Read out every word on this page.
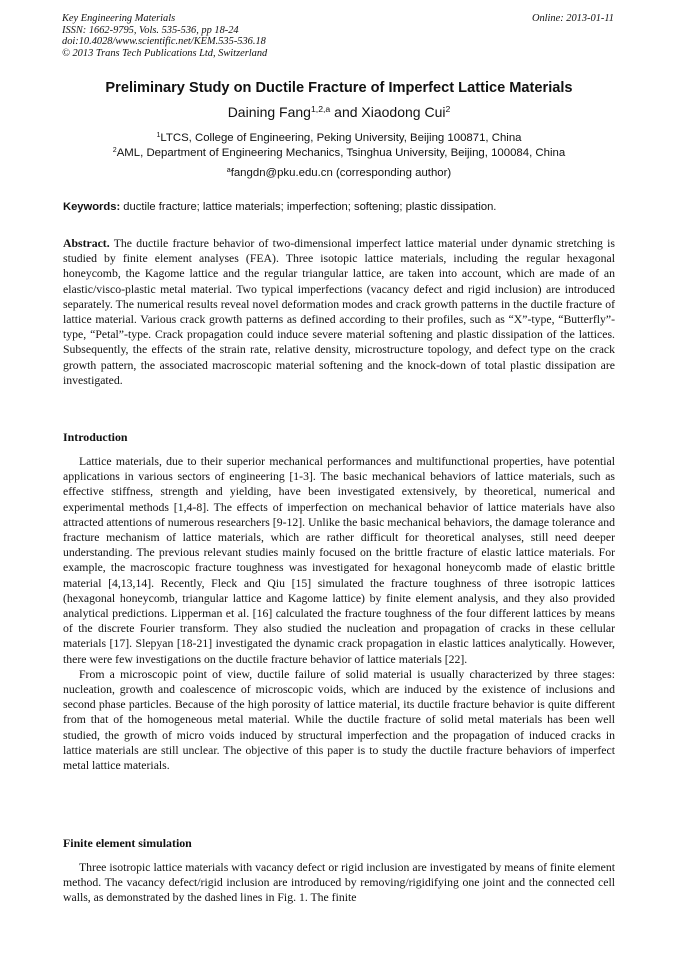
Key Engineering Materials
ISSN: 1662-9795, Vols. 535-536, pp 18-24
doi:10.4028/www.scientific.net/KEM.535-536.18
© 2013 Trans Tech Publications Ltd, Switzerland
Online: 2013-01-11
Preliminary Study on Ductile Fracture of Imperfect Lattice Materials
Daining Fang$^{1,2,a}$ and Xiaodong Cui$^2$
$^1$LTCS, College of Engineering, Peking University, Beijing 100871, China
$^2$AML, Department of Engineering Mechanics, Tsinghua University, Beijing, 100084, China
$^a$fangdn@pku.edu.cn (corresponding author)
Keywords: ductile fracture; lattice materials; imperfection; softening; plastic dissipation.

Abstract. The ductile fracture behavior of two-dimensional imperfect lattice material under dynamic stretching is studied by finite element analyses (FEA). Three isotopic lattice materials, including the regular hexagonal honeycomb, the Kagome lattice and the regular triangular lattice, are taken into account, which are made of an elastic/visco-plastic metal material. Two typical imperfections (vacancy defect and rigid inclusion) are introduced separately. The numerical results reveal novel deformation modes and crack growth patterns in the ductile fracture of lattice material. Various crack growth patterns as defined according to their profiles, such as “X”-type, “Butterfly”-type, “Petal”-type. Crack propagation could induce severe material softening and plastic dissipation of the lattices. Subsequently, the effects of the strain rate, relative density, microstructure topology, and defect type on the crack growth pattern, the associated macroscopic material softening and the knock-down of total plastic dissipation are investigated.

Introduction

Lattice materials, due to their superior mechanical performances and multifunctional properties, have potential applications in various sectors of engineering [1-3]. The basic mechanical behaviors of lattice materials, such as effective stiffness, strength and yielding, have been investigated extensively, by theoretical, numerical and experimental methods [1,4-8]. The effects of imperfection on mechanical behavior of lattice materials have also attracted attentions of numerous researchers [9-12]. Unlike the basic mechanical behaviors, the damage tolerance and fracture mechanism of lattice materials, which are rather difficult for theoretical analyses, still need deeper understanding. The previous relevant studies mainly focused on the brittle fracture of elastic lattice materials. For example, the macroscopic fracture toughness was investigated for hexagonal honeycomb made of elastic brittle material [4,13,14]. Recently, Fleck and Qiu [15] simulated the fracture toughness of three isotropic lattices (hexagonal honeycomb, triangular lattice and Kagome lattice) by finite element analysis, and they also provided analytical predictions. Lipperman et al. [16] calculated the fracture toughness of the four different lattices by means of the discrete Fourier transform. They also studied the nucleation and propagation of cracks in these cellular materials [17]. Slepyan [18-21] investigated the dynamic crack propagation in elastic lattices analytically. However, there were few investigations on the ductile fracture behavior of lattice materials [22].

From a microscopic point of view, ductile failure of solid material is usually characterized by three stages: nucleation, growth and coalescence of microscopic voids, which are induced by the existence of inclusions and second phase particles. Because of the high porosity of lattice material, its ductile fracture behavior is quite different from that of the homogeneous metal material. While the ductile fracture of solid metal materials has been well studied, the growth of micro voids induced by structural imperfection and the propagation of induced cracks in lattice materials are still unclear. The objective of this paper is to study the ductile fracture behaviors of imperfect metal lattice materials.

Finite element simulation

Three isotropic lattice materials with vacancy defect or rigid inclusion are investigated by means of finite element method. The vacancy defect/rigid inclusion are introduced by removing/rigidifying one joint and the connected cell walls, as demonstrated by the dashed lines in Fig. 1. The finite
